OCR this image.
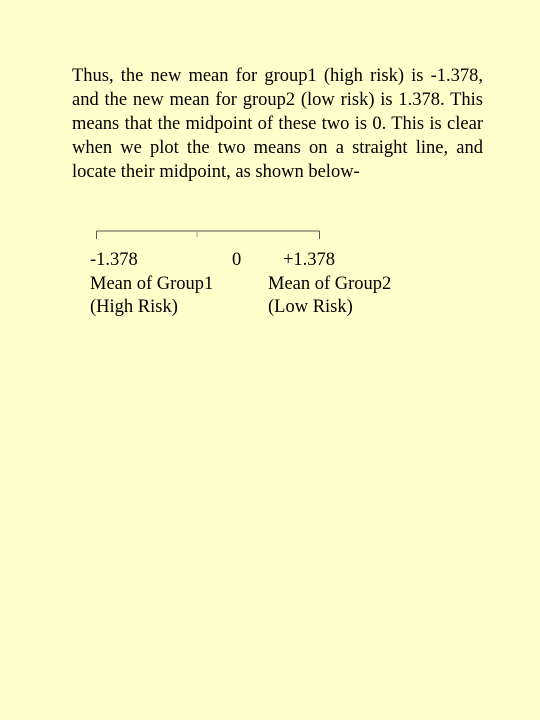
Thus, the new mean for group1 (high risk) is -1.378, and the new mean for group2 (low risk) is 1.378. This means that the midpoint of these two is 0. This is clear when we plot the two means on a straight line, and locate their midpoint, as shown below-

-1.378	0 +1.378
Mean of Group1	Mean of Group2
(High Risk)	(Low Risk)
